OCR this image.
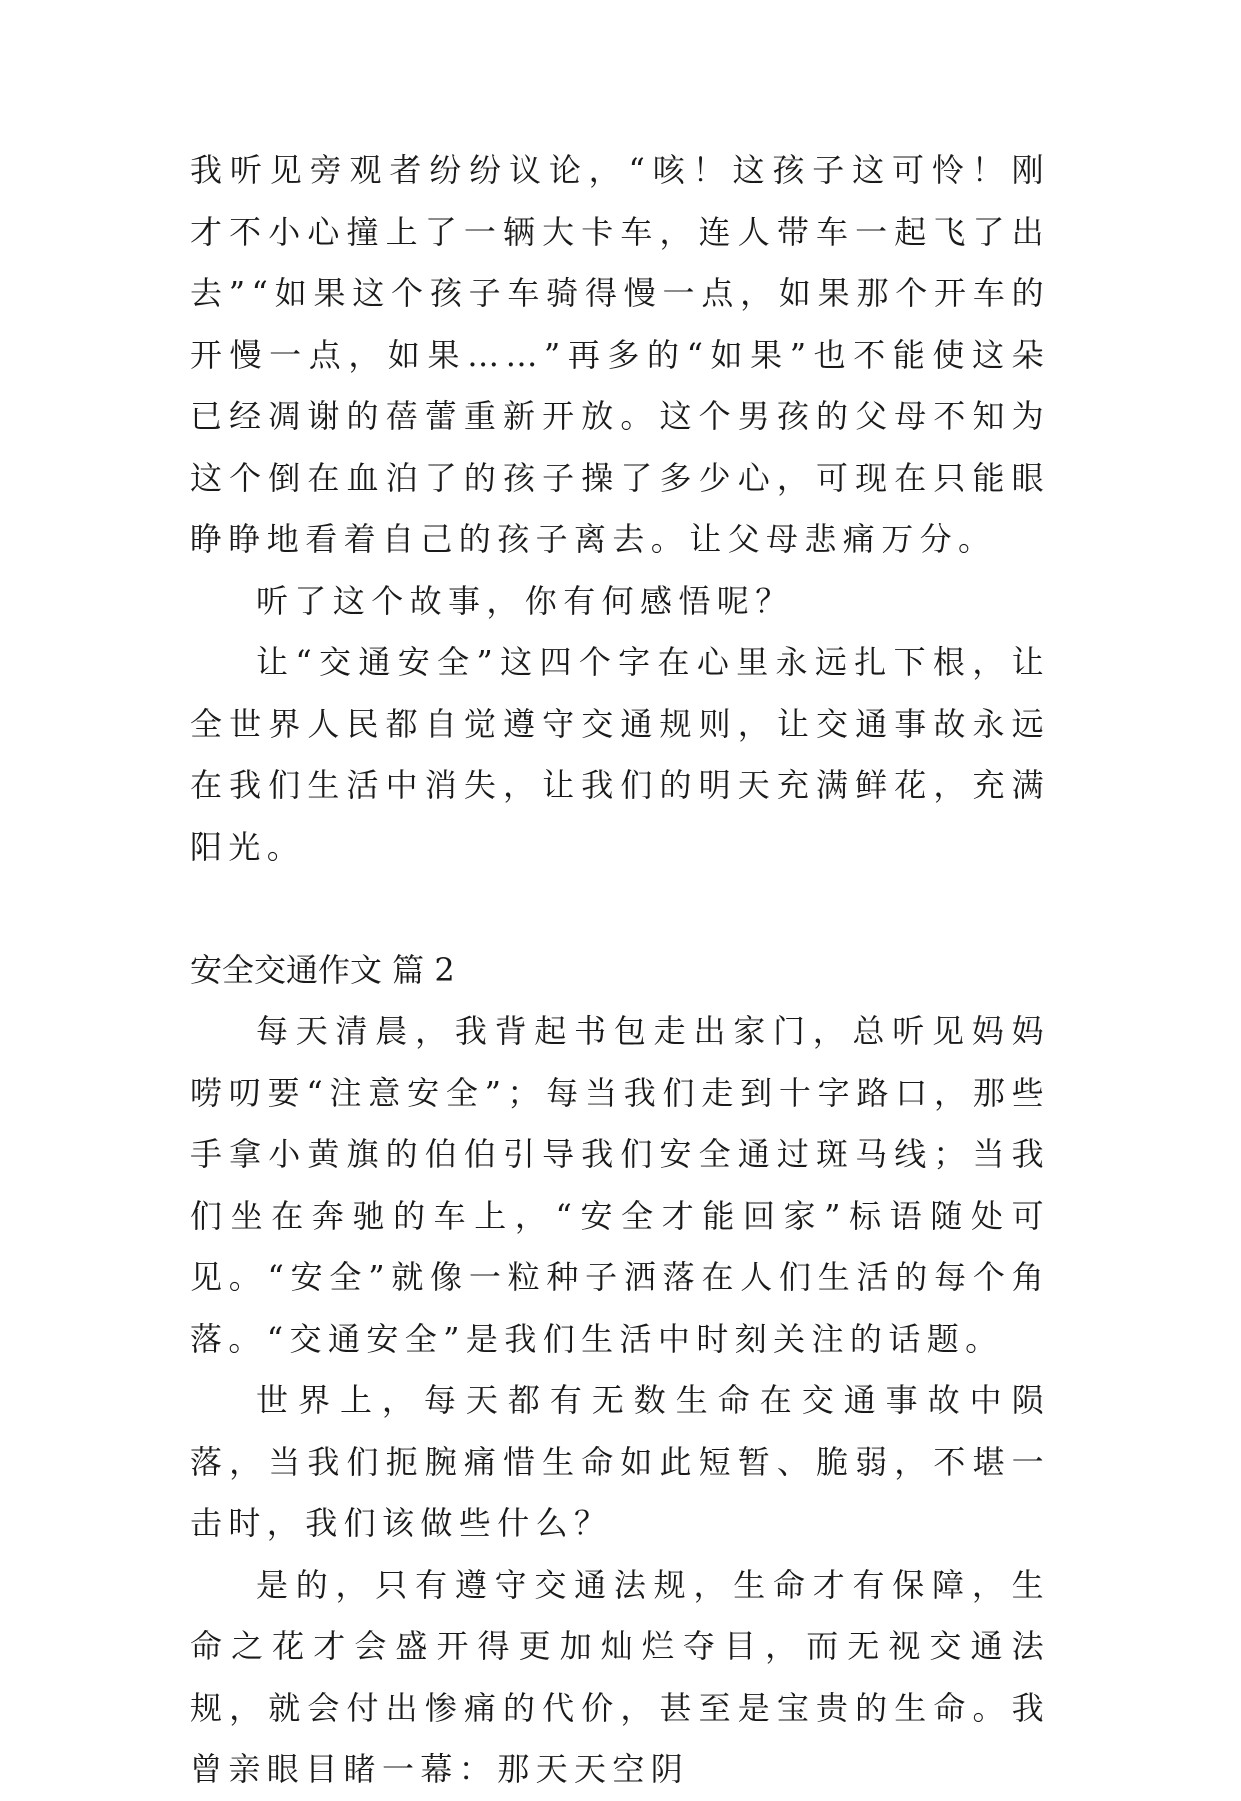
我听见旁观者纷纷议论，“咳！这孩子这可怜！刚才不小心撞上了一辆大卡车，连人带车一起飞了出去”“如果这个孩子车骑得慢一点，如果那个开车的开慢一点，如果……”再多的“如果”也不能使这朵已经凋谢的蓓蕾重新开放。这个男孩的父母不知为这个倒在血泊了的孩子操了多少心，可现在只能眼睁睁地看着自己的孩子离去。让父母悲痛万分。

听了这个故事，你有何感悟呢？

让“交通安全”这四个字在心里永远扎下根，让全世界人民都自觉遵守交通规则，让交通事故永远在我们生活中消失，让我们的明天充满鲜花，充满阳光。

安全交通作文 篇 2

每天清晨，我背起书包走出家门，总听见妈妈唠叨要“注意安全”；每当我们走到十字路口，那些手拿小黄旗的伯伯引导我们安全通过斑马线；当我们坐在奔驰的车上，“安全才能回家”标语随处可见。“安全”就像一粒种子洒落在人们生活的每个角落。“交通安全”是我们生活中时刻关注的话题。

世界上，每天都有无数生命在交通事故中陨落，当我们扼腕痛惜生命如此短暂、脆弱，不堪一击时，我们该做些什么？

是的，只有遵守交通法规，生命才有保障，生命之花才会盛开得更加灿烂夺目，而无视交通法规，就会付出惨痛的代价，甚至是宝贵的生命。我曾亲眼目睹一幕：那天天空阴
